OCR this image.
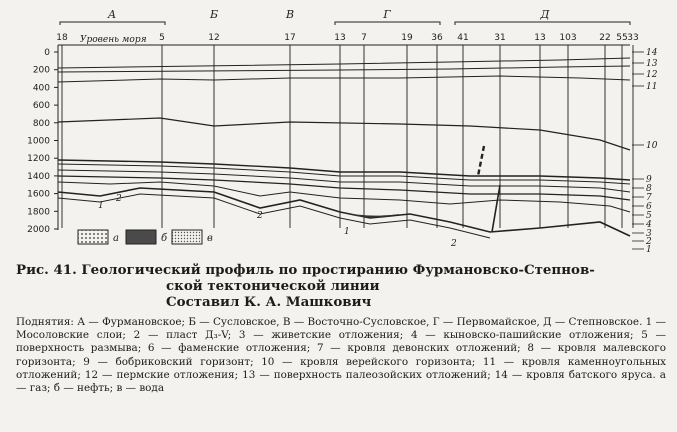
А	Б	В	Г	Д
18	5	12	17	13 7	19 36 41	31	13 103	22 55 33
Уровень моря
0
200
400
600
800
1000
1200
1400
1600
1800
2000
14
13
12
11
10
9
8
7
6
5
4
3
2
1
1
2
2
1
2
а	б	в

Рис. 41. Геологический профиль по простиранию Фурмановско-Степнов-
ской тектонической линии

Составил К. А. Машкович

Поднятия: А — Фурмановское; Б — Сусловское, В — Восточно-Сусловское, Г — Первомайское, Д — Степновское. 1 — Мосоловские слои; 2 — пласт Д₃-V; 3 — живетские отложения; 4 — кыновско-пашийские отложения; 5 — поверхность размыва; 6 — фаменские отложения; 7 — кровля девонских отложений; 8 — кровля малевского горизонта; 9 — бобриковский горизонт; 10 — кровля верейского горизонта; 11 — кровля каменноугольных отложений; 12 — пермские отложения; 13 — поверхность палеозойских отложений; 14 — кровля батского яруса. а — газ; б — нефть; в — вода
